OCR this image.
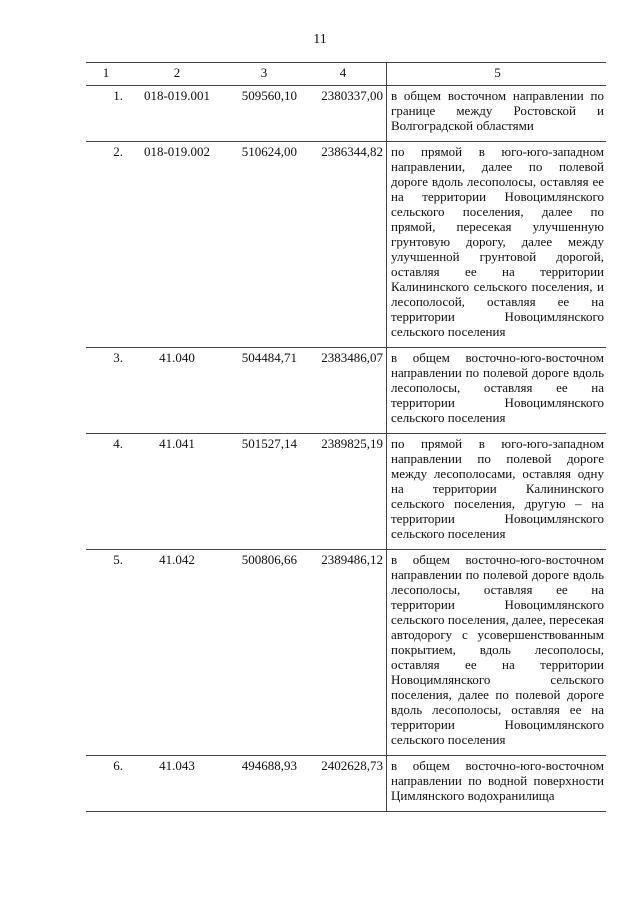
11
1	2	3	4	5
1.	018-019.001	509560,10	2380337,00	в общем восточном направлении по границе между Ростовской и Волгоградской областями

2.	018-019.002	510624,00	2386344,82	по прямой в юго-юго-западном направлении, далее по полевой дороге вдоль лесополосы, оставляя ее на территории Новоцимлянского сельского поселения, далее по прямой, пересекая улучшенную грунтовую дорогу, далее между улучшенной грунтовой дорогой, оставляя ее на территории Калининского сельского поселения, и лесополосой, оставляя ее на территории Новоцимлянского сельского поселения

3.	41.040	504484,71	2383486,07	в общем восточно-юго-восточном направлении по полевой дороге вдоль лесополосы, оставляя ее на территории Новоцимлянского сельского поселения

4.	41.041	501527,14	2389825,19	по прямой в юго-юго-западном направлении по полевой дороге между лесополосами, оставляя одну на территории Калининского сельского поселения, другую – на территории Новоцимлянского сельского поселения

5.	41.042	500806,66	2389486,12	в общем восточно-юго-восточном направлении по полевой дороге вдоль лесополосы, оставляя ее на территории Новоцимлянского сельского поселения, далее, пересекая автодорогу с усовершенствованным покрытием, вдоль лесополосы, оставляя ее на территории Новоцимлянского сельского поселения, далее по полевой дороге вдоль лесополосы, оставляя ее на территории Новоцимлянского сельского поселения

6.	41.043	494688,93	2402628,73	в общем восточно-юго-восточном направлении по водной поверхности Цимлянского водохранилища
